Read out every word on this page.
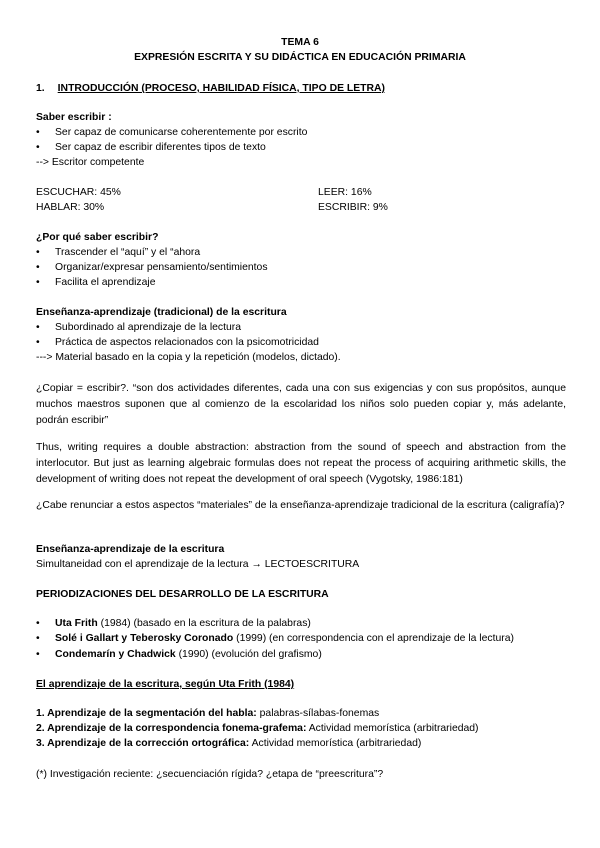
TEMA 6
EXPRESIÓN ESCRITA Y SU DIDÁCTICA EN EDUCACIÓN PRIMARIA
1. INTRODUCCIÓN (PROCESO, HABILIDAD FÍSICA, TIPO DE LETRA)
Saber escribir :
• Ser capaz de comunicarse coherentemente por escrito
• Ser capaz de escribir diferentes tipos de texto
--> Escritor competente
ESCUCHAR: 45%	LEER: 16%
HABLAR: 30%	ESCRIBIR: 9%
¿Por qué saber escribir?
• Trascender el “aquí” y el “ahora
• Organizar/expresar pensamiento/sentimientos
• Facilita el aprendizaje
Enseñanza-aprendizaje (tradicional) de la escritura
• Subordinado al aprendizaje de la lectura
• Práctica de aspectos relacionados con la psicomotricidad
---> Material basado en la copia y la repetición (modelos, dictado).
¿Copiar = escribir?. “son dos actividades diferentes, cada una con sus exigencias y con sus propósitos, aunque muchos maestros suponen que al comienzo de la escolaridad los niños solo pueden copiar y, más adelante, podrán escribir”
Thus, writing requires a double abstraction: abstraction from the sound of speech and abstraction from the interlocutor. But just as learning algebraic formulas does not repeat the process of acquiring arithmetic skills, the development of writing does not repeat the development of oral speech (Vygotsky, 1986:181)
¿Cabe renunciar a estos aspectos “materiales” de la enseñanza-aprendizaje tradicional de la escritura (caligrafía)?
Enseñanza-aprendizaje de la escritura
Simultaneidad con el aprendizaje de la lectura → LECTOESCRITURA
PERIODIZACIONES DEL DESARROLLO DE LA ESCRITURA
• Uta Frith (1984) (basado en la escritura de la palabras)
• Solé i Gallart y Teberosky Coronado (1999) (en correspondencia con el aprendizaje de la lectura)
• Condemarín y Chadwick (1990) (evolución del grafismo)
El aprendizaje de la escritura, según Uta Frith (1984)
1. Aprendizaje de la segmentación del habla: palabras-sílabas-fonemas
2. Aprendizaje de la correspondencia fonema-grafema: Actividad memorística (arbitrariedad)
3. Aprendizaje de la corrección ortográfica: Actividad memorística (arbitrariedad)
(*) Investigación reciente: ¿secuenciación rígida? ¿etapa de “preescritura”?
